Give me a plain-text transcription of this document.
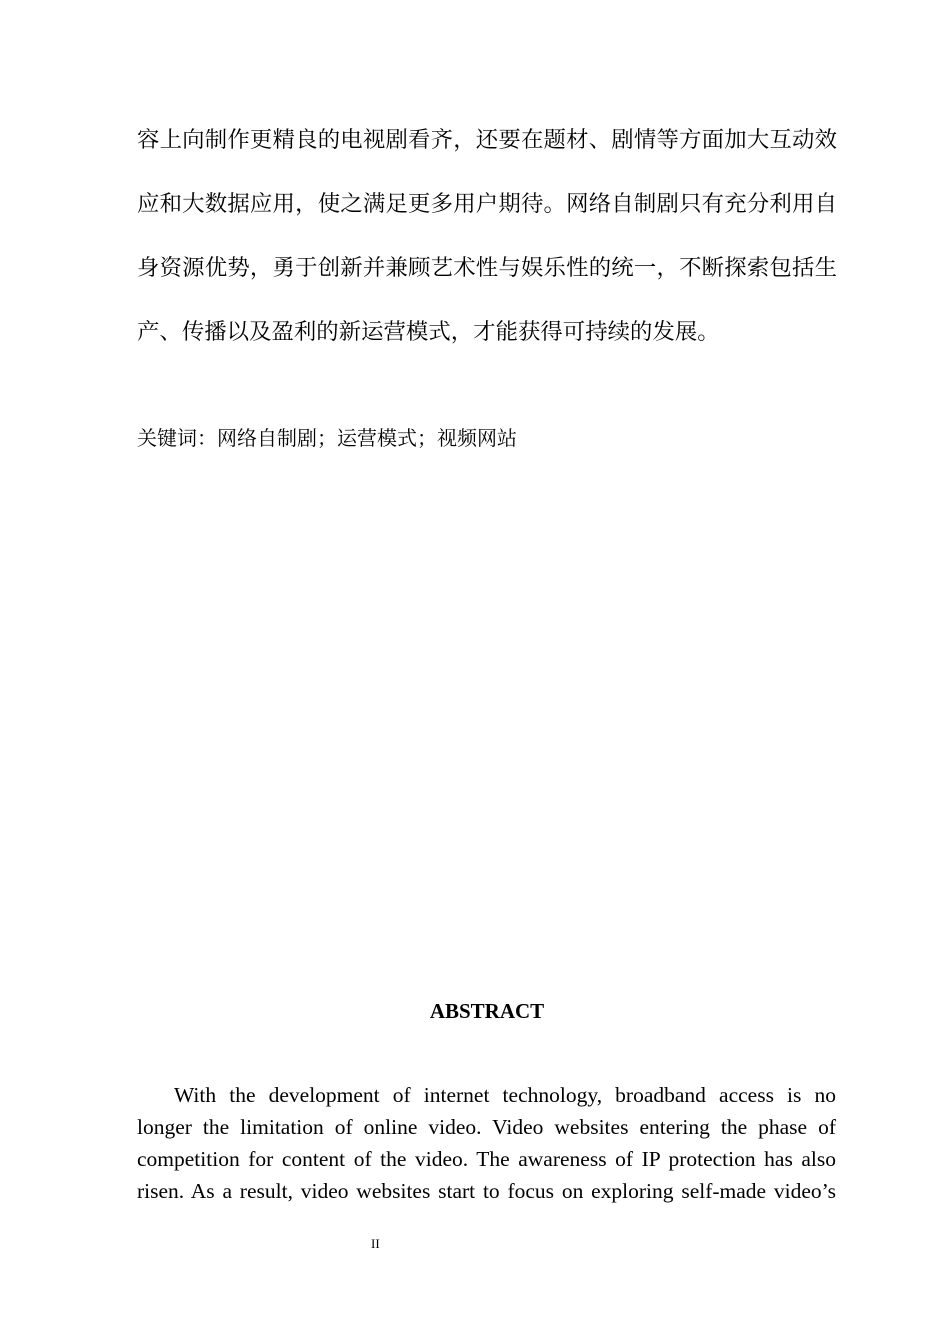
容上向制作更精良的电视剧看齐，还要在题材、剧情等方面加大互动效
应和大数据应用，使之满足更多用户期待。网络自制剧只有充分利用自
身资源优势，勇于创新并兼顾艺术性与娱乐性的统一，不断探索包括生
产、传播以及盈利的新运营模式，才能获得可持续的发展。

关键词：网络自制剧；运营模式；视频网站

ABSTRACT
With the development of internet technology, broadband access is no
longer the limitation of online video. Video websites entering the phase of
competition for content of the video. The awareness of IP protection has also
risen. As a result, video websites start to focus on exploring self-made video’s

II
